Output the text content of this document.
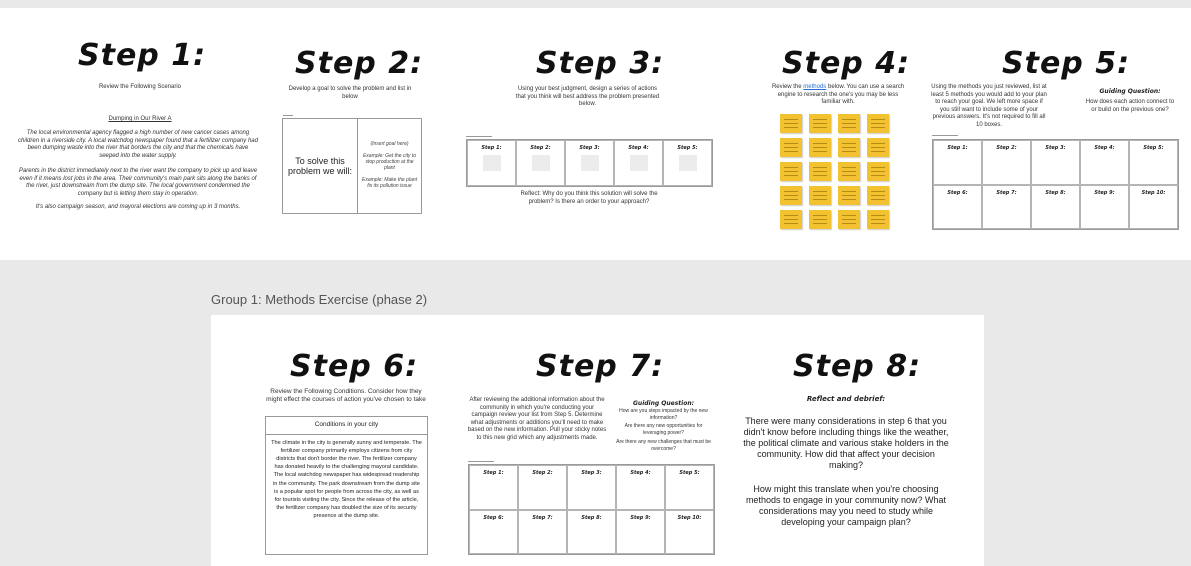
Step 1:
Review the Following Scenario
Dumping in Our River A
The local environmental agency flagged a high number of new cancer cases among children in a riverside city. A local watchdog newspaper found that a fertilizer company had been dumping waste into the river that borders the city and that the chemicals have seeped into the water supply.
Parents in the district immediately next to the river want the company to pick up and leave even if it means lost jobs in the area. Their community's main park sits along the banks of the river, just downstream from the dump site. The local government condemned the company but is letting them stay in operation.
It's also campaign season, and mayoral elections are coming up in 3 months.
Step 2:
Develop a goal to solve the problem and list in below
To solve this problem we will:
(Insert goal here)
Example: Get the city to stop production at the plant
Example: Make the plant fix its pollution issue
Step 3:
Using your best judgment, design a series of actions that you think will best address the problem presented below.
Step 1:	Step 2:	Step 3:	Step 4:	Step 5:
Reflect: Why do you think this solution will solve the problem? Is there an order to your approach?
Step 4:
Review the methods below. You can use a search engine to research the one's you may be less familiar with.
Step 5:
Using the methods you just reviewed, list at least 5 methods you would add to your plan to reach your goal. We left more space if you still want to include some of your previous answers. It's not required to fill all 10 boxes.
Guiding Question:
How does each action connect to or build on the previous one?
Step 1:	Step 2:	Step 3:	Step 4:	Step 5:
Step 6:	Step 7:	Step 8:	Step 9:	Step 10:
Group 1: Methods Exercise (phase 2)
Step 6:
Review the Following Conditions. Consider how they might effect the courses of action you've chosen to take
Conditions in your city
The climate in the city is generally sunny and temperate. The fertilizer company primarily employs citizens from city districts that don't border the river. The fertilizer company has donated heavily to the challenging mayoral candidate. The local watchdog newspaper has widespread readership in the community. The park downstream from the dump site is a popular spot for people from across the city, as well as for tourists visiting the city. Since the release of the article, the fertilizer company has doubled the size of its security presence at the dump site.
Step 7:
After reviewing the additional information about the community in which you're conducting your campaign review your list from Step 5. Determine what adjustments or additions you'll need to make based on the new information. Pull your sticky notes to this new grid which any adjustments made.
Guiding Question:
How are you steps impacted by the new information?
Are there any new opportunities for leveraging power?
Are there any new challenges that must be overcome?
Step 1:	Step 2:	Step 3:	Step 4:	Step 5:
Step 6:	Step 7:	Step 8:	Step 9:	Step 10:
Step 8:
Reflect and debrief:
There were many considerations in step 6 that you didn't know before including things like the weather, the political climate and various stake holders in the community. How did that affect your decision making?
How might this translate when you're choosing methods to engage in your community now? What considerations may you need to study while developing your campaign plan?
